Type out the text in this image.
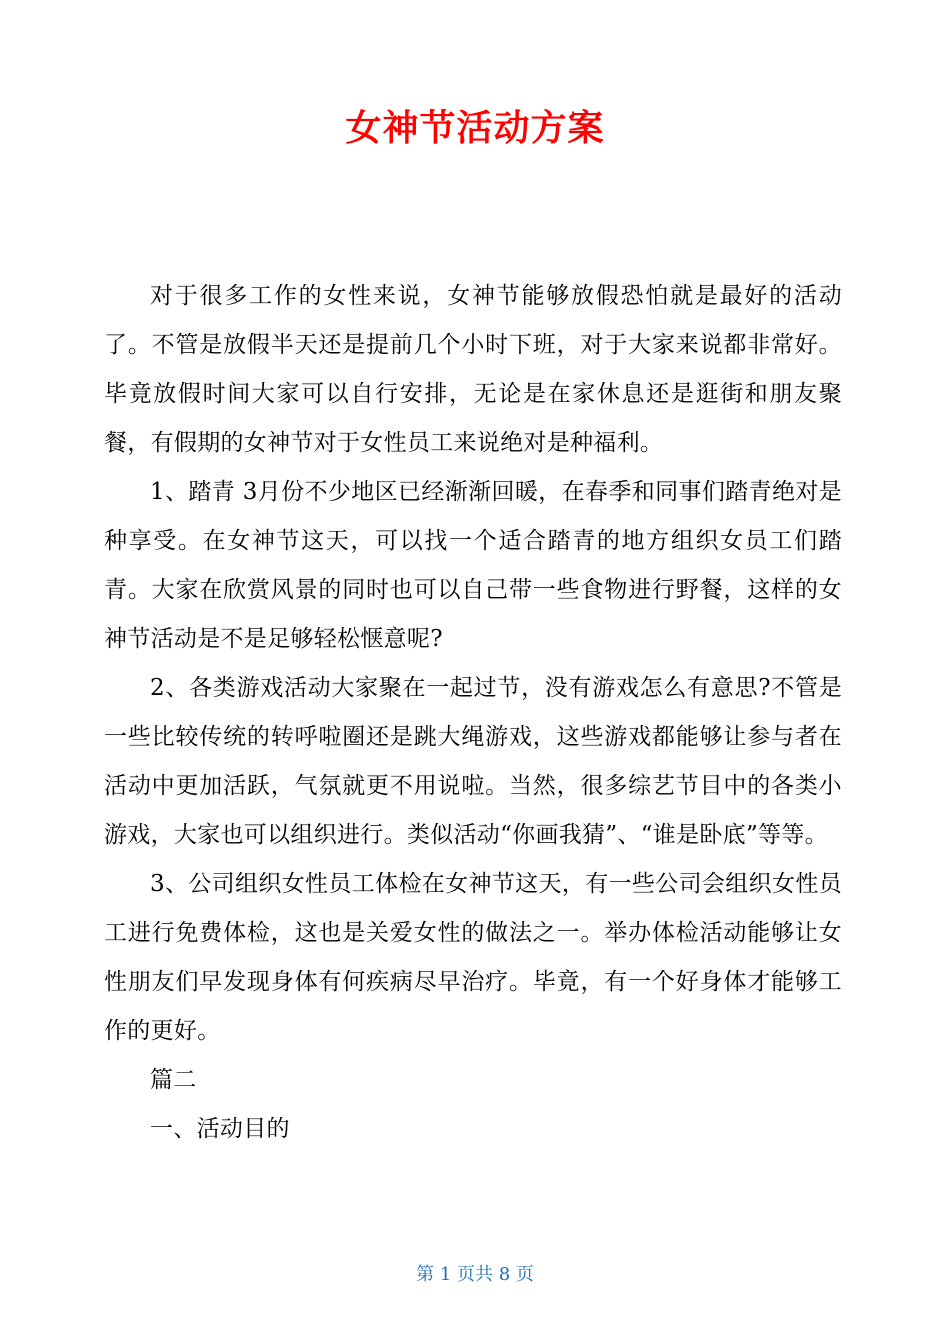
女神节活动方案

对于很多工作的女性来说，女神节能够放假恐怕就是最好的活动了。不管是放假半天还是提前几个小时下班，对于大家来说都非常好。毕竟放假时间大家可以自行安排，无论是在家休息还是逛街和朋友聚餐，有假期的女神节对于女性员工来说绝对是种福利。

1、踏青 3月份不少地区已经渐渐回暖，在春季和同事们踏青绝对是种享受。在女神节这天，可以找一个适合踏青的地方组织女员工们踏青。大家在欣赏风景的同时也可以自己带一些食物进行野餐，这样的女神节活动是不是足够轻松惬意呢?

2、各类游戏活动大家聚在一起过节，没有游戏怎么有意思?不管是一些比较传统的转呼啦圈还是跳大绳游戏，这些游戏都能够让参与者在活动中更加活跃，气氛就更不用说啦。当然，很多综艺节目中的各类小游戏，大家也可以组织进行。类似活动“你画我猜”、“谁是卧底”等等。

3、公司组织女性员工体检在女神节这天，有一些公司会组织女性员工进行免费体检，这也是关爱女性的做法之一。举办体检活动能够让女性朋友们早发现身体有何疾病尽早治疗。毕竟，有一个好身体才能够工作的更好。

篇二

一、活动目的

第 1 页共 8 页
